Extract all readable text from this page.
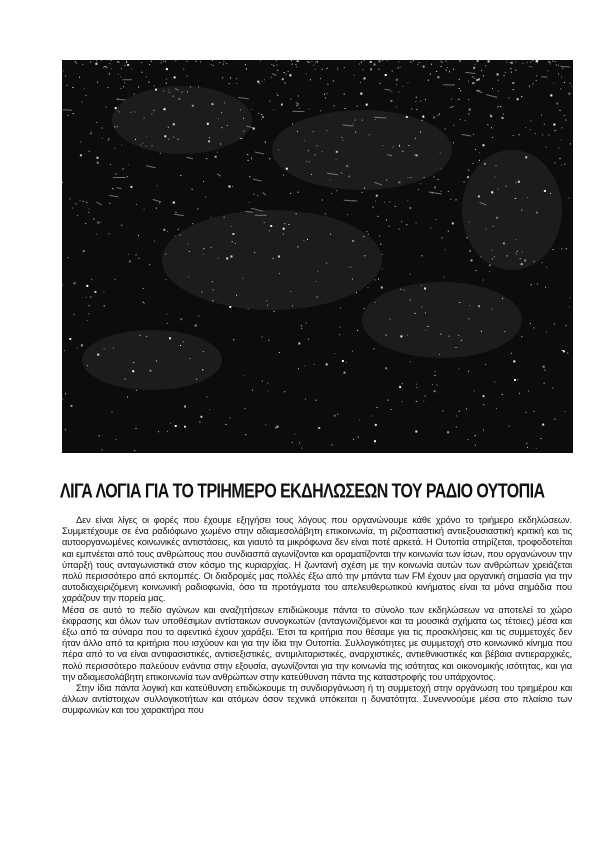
ΛΙΓΑ ΛΟΓΙΑ ΓΙΑ ΤΟ ΤΡΙΗΜΕΡΟ ΕΚΔΗΛΩΣΕΩΝ ΤΟΥ ΡΑΔΙΟ ΟΥΤΟΠΙΑ

Δεν είναι λίγες οι φορές που έχουμε εξηγήσει τους λόγους που οργανώνουμε κάθε χρόνο το τριήμερο εκδηλώσεων. Συμμετέχουμε σε ένα ραδιόφωνο χωμένο στην αδιαμεσολάβητη επικοινωνία, τη ριζοσπαστική αντιεξουσιαστική κριτική και τις αυτοοργανωμένες κοινωνικές αντιστάσεις, και γιαυτό τα μικρόφωνα δεν είναι ποτέ αρκετά. Η Ουτοπία στηρίζεται, τροφοδοτείται και εμπνέεται από τους ανθρώπους που συνδιασπά αγωνίζονται και οραματίζονται την κοινωνία των ίσων, που οργανώνουν την ύπαρξή τους ανταγωνιστικά στον κόσμο της κυριαρχίας. Η ζωντανή σχέση με την κοινωνία αυτών των ανθρώπων χρειάζεται πολύ περισσότερο από εκπομπές. Οι διαδρομές μας πολλές έξω από την μπάντα των FM έχουν μια οργανική σημασία για την αυτοδιαχειριζόμενη κοινωνική ραδιοφωνία, όσο τα προτάγματα του απελευθερωτικού κινήματος είναι τα μόνα σημάδια που χαράζουν την πορεία μας.

Μέσα σε αυτό το πεδίο αγώνων και αναζητήσεων επιδιώκουμε πάντα το σύνολο των εκδηλώσεων να αποτελεί το χώρο έκφρασης και όλων των υποθέσιμων αντίστακων συνογκωτών (ανταγωνιζόμενοι και τα μουσικά σχήματα ως τέτοιες) μέσα και έξω από τα σύναρα που το αφεντικό έχουν χαράξει. Έτσι τα κριτήρια που θέσαμε για τις προσκλήσεις και τις συμμετοχές δεν ήταν άλλο από τα κριτήρια που ισχύουν και για την ίδια την Ουτοπία. Συλλογικότητες με συμμετοχή στο κοινωνικό κίνημα που πέρα από το να είναι αντιφασιστικές, αντισεξιστικές, αντιμιλιταριστικές, αναρχιστικές, αντιεθνικιστικές και βέβαια αντιεραρχικές, πολύ περισσότερο παλεύουν ενάντια στην εξουσία, αγωνίζονται για την κοινωνία της ισότητας και οικονομικής ισότητας, και για την αδιαμεσολάβητη επικοινωνία των ανθρώπων στην κατεύθυνση πάντα της καταστροφής του υπάρχοντος.

Στην ίδια πάντα λογική και κατεύθυνση επιδιώκουμε τη συνδιοργάνωση ή τη συμμετοχή στην οργάνωση του τριημέρου και άλλων αντίστοιχων συλλογικοτήτων και ατόμων όσον τεχνικά υπόκειται η δυνατότητα. Συνεννοούμε μέσα στο πλαίσιο των συμφωνιών και του χαρακτήρα που
